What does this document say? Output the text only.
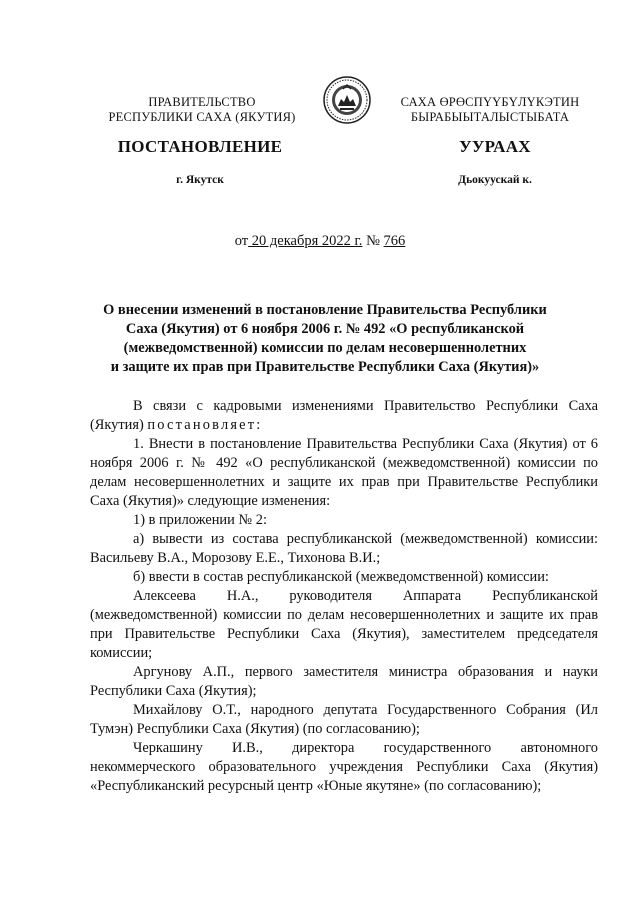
ПРАВИТЕЛЬСТВО
РЕСПУБЛИКИ САХА (ЯКУТИЯ)
САХА ӨРӨСПҮҮБҮЛҮКЭТИН
БЫРАБЫЫТАЛЫСТЫБАТА
ПОСТАНОВЛЕНИЕ	УУРААХ
г. Якутск	Дьокуускай к.
от 20 декабря 2022 г. № 766
О внесении изменений в постановление Правительства Республики
Саха (Якутия) от 6 ноября 2006 г. № 492 «О республиканской
(межведомственной) комиссии по делам несовершеннолетних
и защите их прав при Правительстве Республики Саха (Якутия)»

В связи с кадровыми изменениями Правительство Республики Саха (Якутия) постановляет:

1. Внести в постановление Правительства Республики Саха (Якутия) от 6 ноября 2006 г. № 492 «О республиканской (межведомственной) комиссии по делам несовершеннолетних и защите их прав при Правительстве Республики Саха (Якутия)» следующие изменения:

1) в приложении № 2:

а) вывести из состава республиканской (межведомственной) комиссии: Васильеву В.А., Морозову Е.Е., Тихонова В.И.;

б) ввести в состав республиканской (межведомственной) комиссии:

Алексеева Н.А., руководителя Аппарата Республиканской (межведомственной) комиссии по делам несовершеннолетних и защите их прав при Правительстве Республики Саха (Якутия), заместителем председателя комиссии;

Аргунову А.П., первого заместителя министра образования и науки Республики Саха (Якутия);

Михайлову О.Т., народного депутата Государственного Собрания (Ил Тумэн) Республики Саха (Якутия) (по согласованию);

Черкашину И.В., директора государственного автономного некоммерческого образовательного учреждения Республики Саха (Якутия) «Республиканский ресурсный центр «Юные якутяне» (по согласованию);
